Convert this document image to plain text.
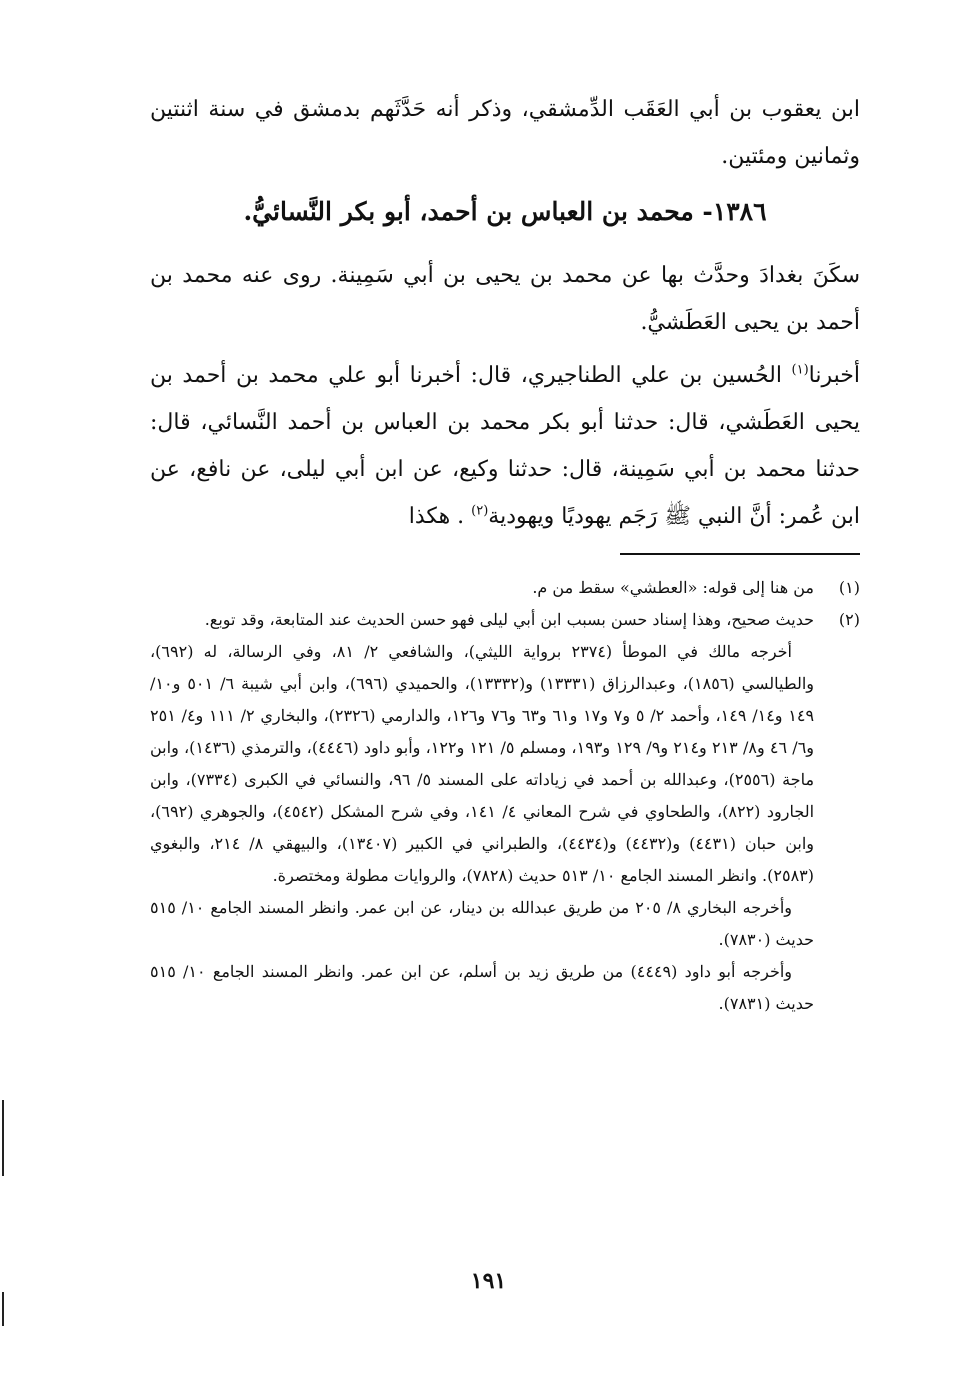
ابن يعقوب بن أبي العَقَب الدِّمشقي، وذكر أنه حَدَّثَهم بدمشق في سنة اثنتين وثمانين ومئتين.

١٣٨٦- محمد بن العباس بن أحمد، أبو بكر النَّسائيُّ.

سكَنَ بغدادَ وحدَّث بها عن محمد بن يحيى بن أبي سَمِينة. روى عنه محمد بن أحمد بن يحيى العَطَشيُّ.

أخبرنا$^{(١)}$ الحُسين بن علي الطناجيري، قال: أخبرنا أبو علي محمد بن أحمد بن يحيى العَطَشي، قال: حدثنا أبو بكر محمد بن العباس بن أحمد النَّسائي، قال: حدثنا محمد بن أبي سَمِينة، قال: حدثنا وكيع، عن ابن أبي ليلى، عن نافع، عن ابن عُمر: أنَّ النبي ﷺ رَجَم يهوديًا ويهودية$^{(٢)}$ . هكذا

(١)
من هنا إلى قوله: «العطشي» سقط من م.
(٢)
حديث صحيح، وهذا إسناد حسن بسبب ابن أبي ليلى فهو حسن الحديث عند المتابعة، وقد توبع.

أخرجه مالك في الموطأ (٢٣٧٤ برواية الليثي)، والشافعي ٢/ ٨١، وفي الرسالة، له (٦٩٢)، والطيالسي (١٨٥٦)، وعبدالرزاق (١٣٣٣١) و(١٣٣٣٢)، والحميدي (٦٩٦)، وابن أبي شيبة ٦/ ٥٠١ و١٠/ ١٤٩ و١٤/ ١٤٩، وأحمد ٢/ ٥ و٧ و١٧ و٦١ و٦٣ و٧٦ و١٢٦، والدارمي (٢٣٢٦)، والبخاري ٢/ ١١١ و٤/ ٢٥١ و٦/ ٤٦ و٨/ ٢١٣ و٢١٤ و٩/ ١٢٩ و١٩٣، ومسلم ٥/ ١٢١ و١٢٢، وأبو داود (٤٤٤٦)، والترمذي (١٤٣٦)، وابن ماجة (٢٥٥٦)، وعبدالله بن أحمد في زياداته على المسند ٥/ ٩٦، والنسائي في الكبرى (٧٣٣٤)، وابن الجارود (٨٢٢)، والطحاوي في شرح المعاني ٤/ ١٤١، وفي شرح المشكل (٤٥٤٢)، والجوهري (٦٩٢)، وابن حبان (٤٤٣١) و(٤٤٣٢) و(٤٤٣٤)، والطبراني في الكبير (١٣٤٠٧)، والبيهقي ٨/ ٢١٤، والبغوي (٢٥٨٣). وانظر المسند الجامع ١٠/ ٥١٣ حديث (٧٨٢٨)، والروايات مطولة ومختصرة.

وأخرجه البخاري ٨/ ٢٠٥ من طريق عبدالله بن دينار، عن ابن عمر. وانظر المسند الجامع ١٠/ ٥١٥ حديث (٧٨٣٠).

وأخرجه أبو داود (٤٤٤٩) من طريق زيد بن أسلم، عن ابن عمر. وانظر المسند الجامع ١٠/ ٥١٥ حديث (٧٨٣١).

١٩١
